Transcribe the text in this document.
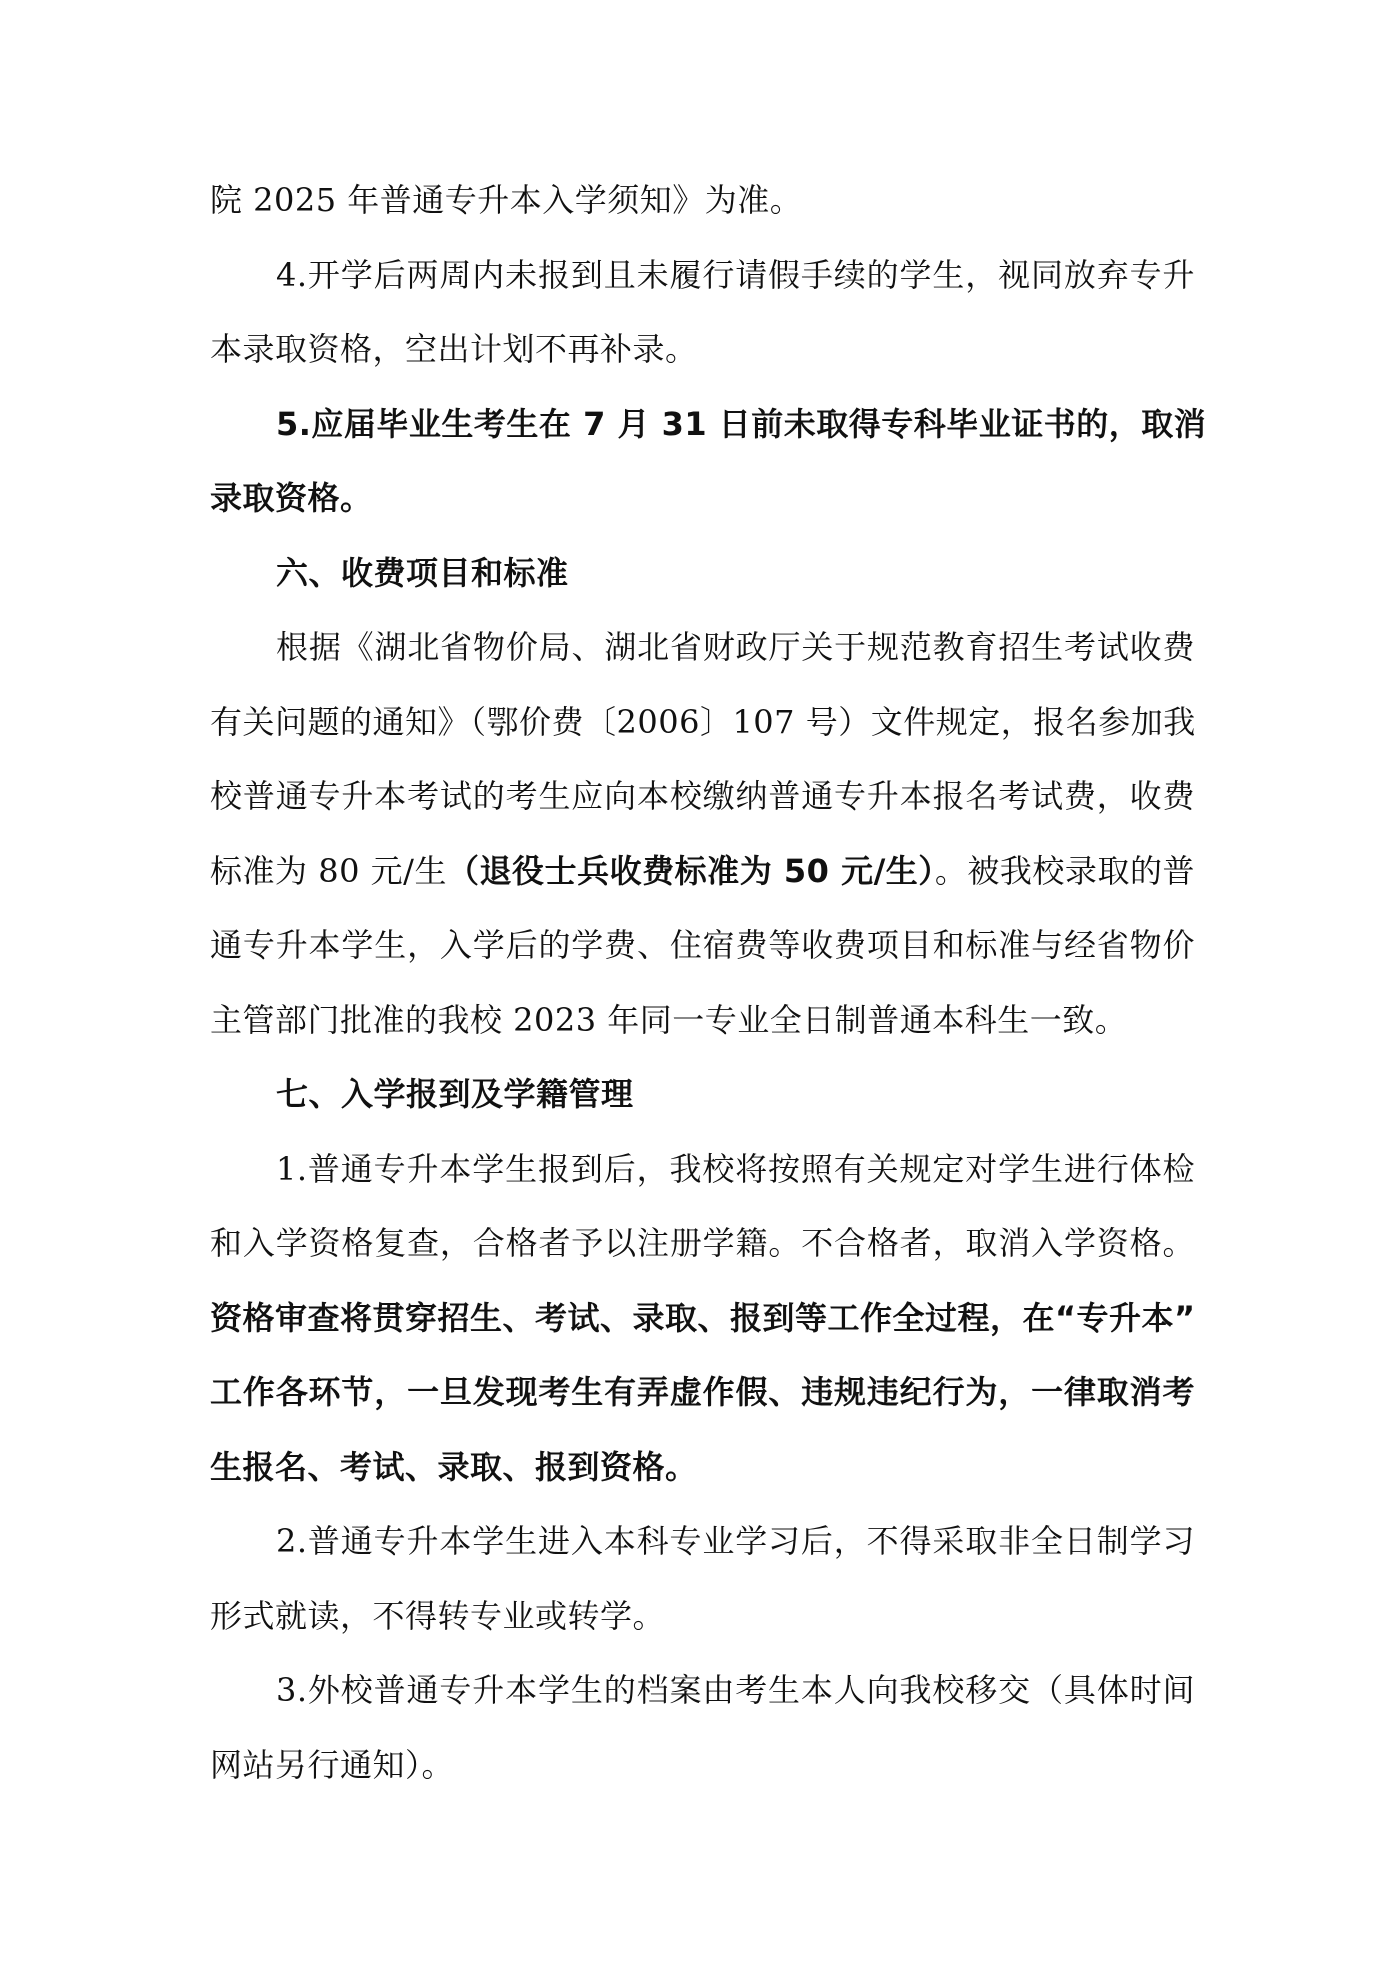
院 2025 年普通专升本入学须知》为准。
4.开学后两周内未报到且未履行请假手续的学生，视同放弃专升
本录取资格，空出计划不再补录。
5.应届毕业生考生在 7 月 31 日前未取得专科毕业证书的，取消
录取资格。
六、收费项目和标准
根据《湖北省物价局、湖北省财政厅关于规范教育招生考试收费
有关问题的通知》（鄂价费〔2006〕107 号）文件规定，报名参加我
校普通专升本考试的考生应向本校缴纳普通专升本报名考试费，收费
标准为 80 元/生（退役士兵收费标准为 50 元/生）。被我校录取的普
通专升本学生，入学后的学费、住宿费等收费项目和标准与经省物价
主管部门批准的我校 2023 年同一专业全日制普通本科生一致。
七、入学报到及学籍管理
1.普通专升本学生报到后，我校将按照有关规定对学生进行体检
和入学资格复查，合格者予以注册学籍。不合格者，取消入学资格。
资格审查将贯穿招生、考试、录取、报到等工作全过程，在“专升本”
工作各环节，一旦发现考生有弄虚作假、违规违纪行为，一律取消考
生报名、考试、录取、报到资格。
2.普通专升本学生进入本科专业学习后，不得采取非全日制学习
形式就读，不得转专业或转学。
3.外校普通专升本学生的档案由考生本人向我校移交（具体时间
网站另行通知）。
